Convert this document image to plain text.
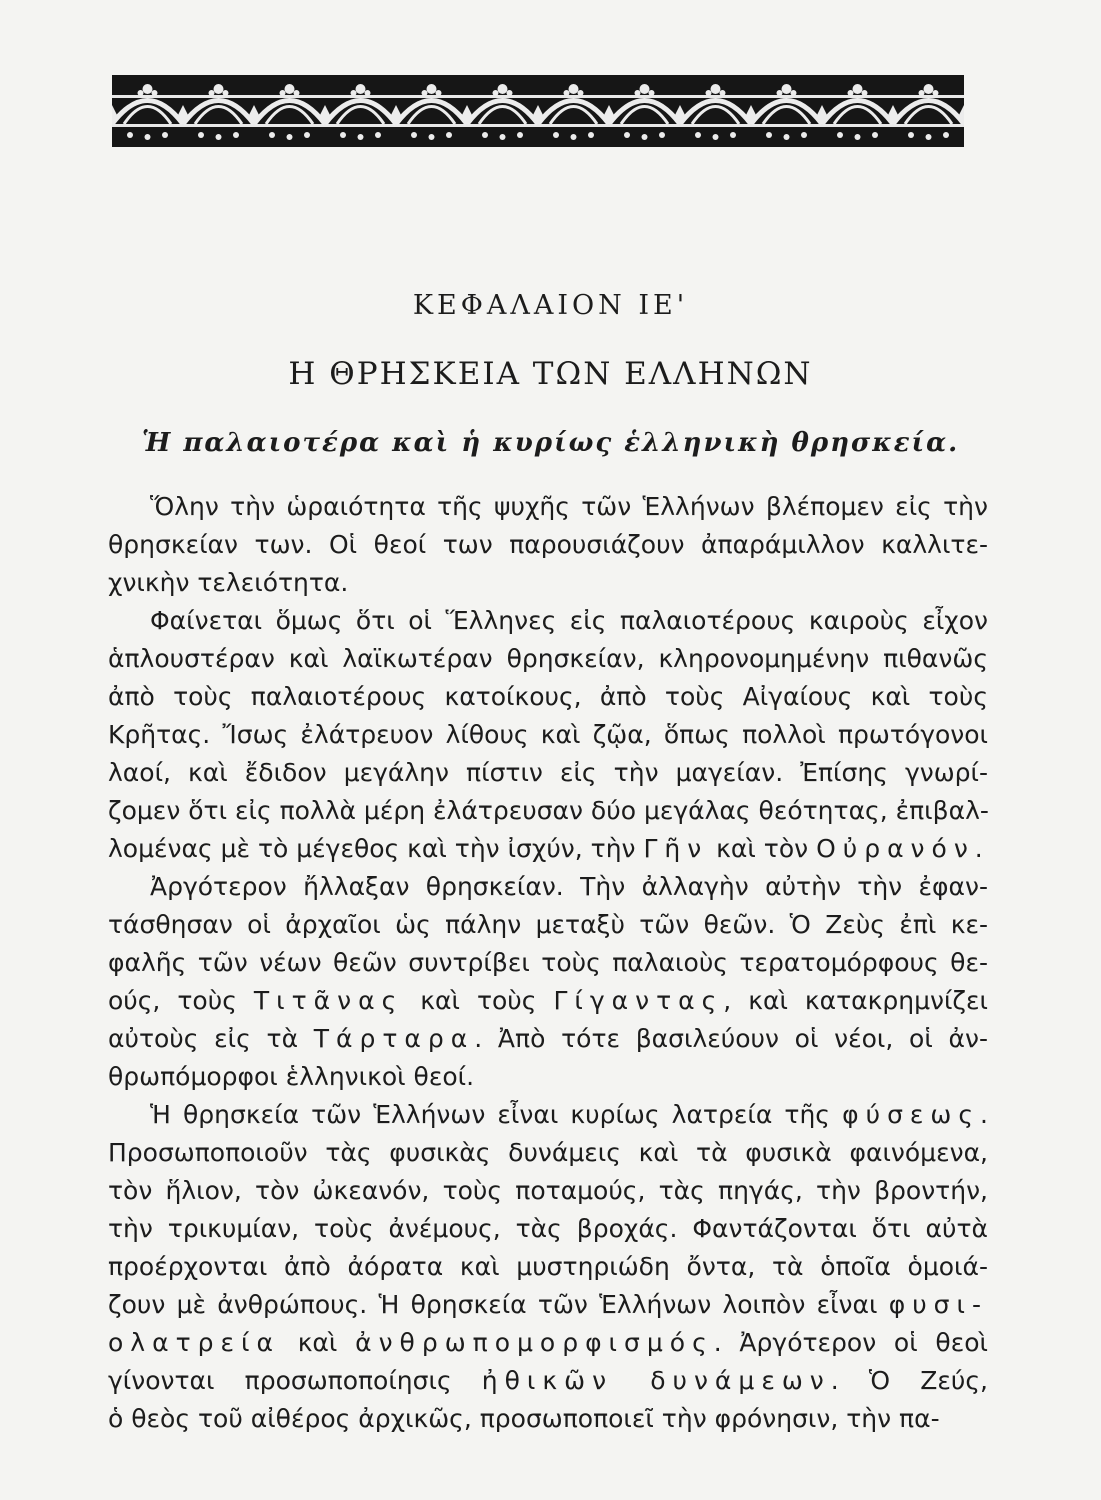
ΚΕΦΑΛΑΙΟΝ ΙΕ'
Η ΘΡΗΣΚΕΙΑ ΤΩΝ ΕΛΛΗΝΩΝ
Ἡ παλαιοτέρα καὶ ἡ κυρίως ἑλληνικὴ θρησκεία.

Ὅλην τὴν ὡραιότητα τῆς ψυχῆς τῶν Ἑλλήνων βλέπομεν εἰς τὴν
θρησκείαν των. Οἱ θεοί των παρουσιάζουν ἀπαράμιλλον καλλιτε-
χνικὴν τελειότητα.

Φαίνεται ὅμως ὅτι οἱ Ἕλληνες εἰς παλαιοτέρους καιροὺς εἶχον
ἁπλουστέραν καὶ λαϊκωτέραν θρησκείαν, κληρονομημένην πιθανῶς
ἀπὸ τοὺς παλαιοτέρους κατοίκους, ἀπὸ τοὺς Αἰγαίους καὶ τοὺς
Κρῆτας. Ἴσως ἐλάτρευον λίθους καὶ ζῷα, ὅπως πολλοὶ πρωτόγονοι
λαοί, καὶ ἔδιδον μεγάλην πίστιν εἰς τὴν μαγείαν. Ἐπίσης γνωρί-
ζομεν ὅτι εἰς πολλὰ μέρη ἐλάτρευσαν δύο μεγάλας θεότητας, ἐπιβαλ-
λομένας μὲ τὸ μέγεθος καὶ τὴν ἰσχύν, τὴν Γῆν καὶ τὸν Οὐρανόν.

Ἀργότερον ἤλλαξαν θρησκείαν. Τὴν ἀλλαγὴν αὐτὴν τὴν ἐφαν-
τάσθησαν οἱ ἀρχαῖοι ὡς πάλην μεταξὺ τῶν θεῶν. Ὁ Ζεὺς ἐπὶ κε-
φαλῆς τῶν νέων θεῶν συντρίβει τοὺς παλαιοὺς τερατομόρφους θε-
ούς, τοὺς Τιτᾶνας καὶ τοὺς Γίγαντας, καὶ κατακρημνίζει
αὐτοὺς εἰς τὰ Τάρταρα. Ἀπὸ τότε βασιλεύουν οἱ νέοι, οἱ ἀν-
θρωπόμορφοι ἑλληνικοὶ θεοί.

Ἡ θρησκεία τῶν Ἑλλήνων εἶναι κυρίως λατρεία τῆς φύσεως.
Προσωποποιοῦν τὰς φυσικὰς δυνάμεις καὶ τὰ φυσικὰ φαινόμενα,
τὸν ἥλιον, τὸν ὠκεανόν, τοὺς ποταμούς, τὰς πηγάς, τὴν βροντήν,
τὴν τρικυμίαν, τοὺς ἀνέμους, τὰς βροχάς. Φαντάζονται ὅτι αὐτὰ
προέρχονται ἀπὸ ἀόρατα καὶ μυστηριώδη ὄντα, τὰ ὁποῖα ὁμοιά-
ζουν μὲ ἀνθρώπους. Ἡ θρησκεία τῶν Ἑλλήνων λοιπὸν εἶναι φυσι-
ολατρεία καὶ ἀνθρωπομορφισμός. Ἀργότερον οἱ θεοὶ
γίνονται προσωποποίησις ἠθικῶν δυνάμεων. Ὁ Ζεύς,
ὁ θεὸς τοῦ αἰθέρος ἀρχικῶς, προσωποποιεῖ τὴν φρόνησιν, τὴν πα-
